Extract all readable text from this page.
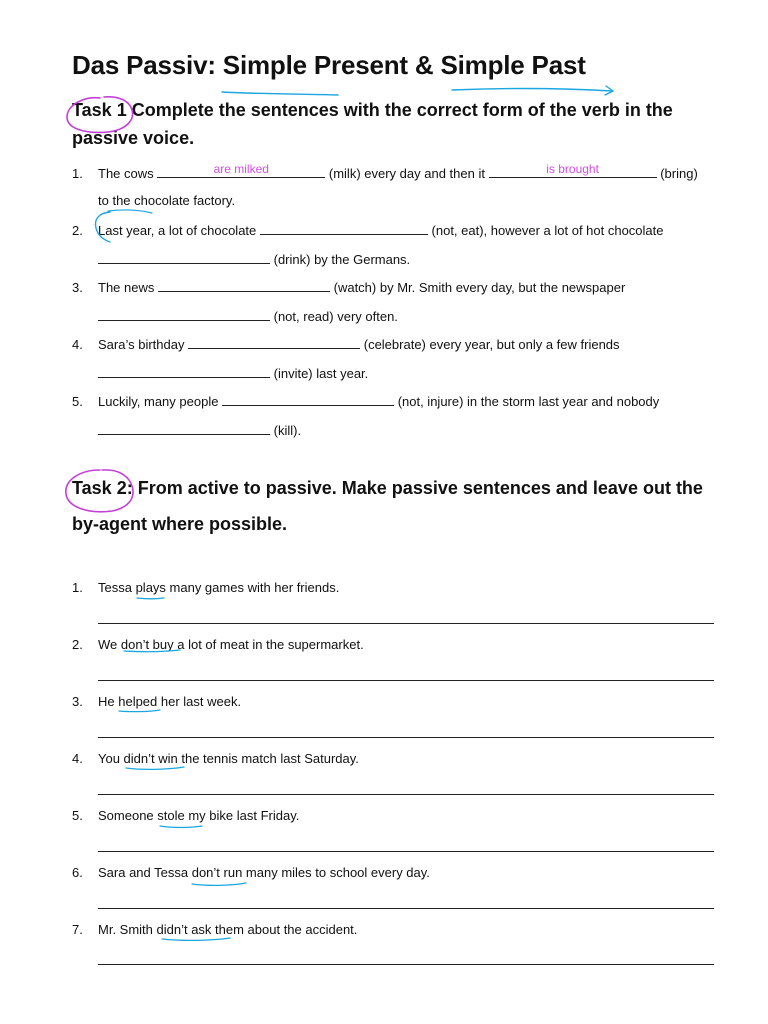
Das Passiv: Simple Present & Simple Past
Task 1 Complete the sentences with the correct form of the verb in the passive voice.
1. The cows	are milked	(milk) every day and then it	is brought	(bring)
to the chocolate factory.
2. Last year, a lot of chocolate	(not, eat), however a lot of hot chocolate
(drink) by the Germans.
3. The news	(watch) by Mr. Smith every day, but the newspaper
(not, read) very often.
4. Sara’s birthday	(celebrate) every year, but only a few friends
(invite) last year.
5. Luckily, many people	(not, injure) in the storm last year and nobody
(kill).
Task 2: From active to passive. Make passive sentences and leave out the by-agent where possible.
1. Tessa plays many games with her friends.
2. We don’t buy a lot of meat in the supermarket.
3. He helped her last week.
4. You didn’t win the tennis match last Saturday.
5. Someone stole my bike last Friday.
6. Sara and Tessa don’t run many miles to school every day.
7. Mr. Smith didn’t ask them about the accident.
